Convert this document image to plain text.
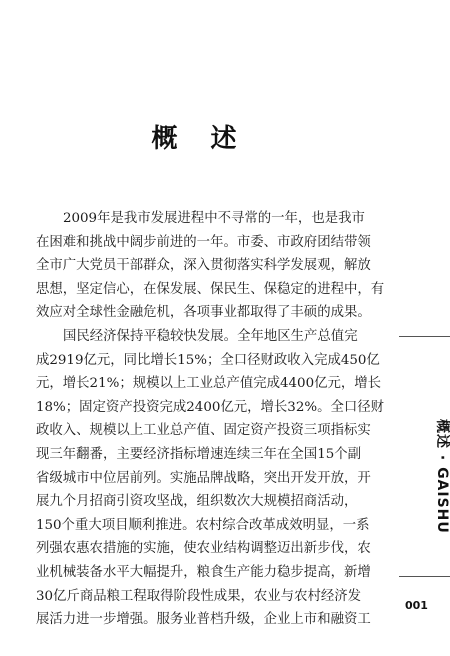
概 述
2009年是我市发展进程中不寻常的一年，也是我市
在困难和挑战中阔步前进的一年。市委、市政府团结带领
全市广大党员干部群众，深入贯彻落实科学发展观，解放
思想，坚定信心，在保发展、保民生、保稳定的进程中，有
效应对全球性金融危机，各项事业都取得了丰硕的成果。
国民经济保持平稳较快发展。全年地区生产总值完
成2919亿元，同比增长15%；全口径财政收入完成450亿
元，增长21%；规模以上工业总产值完成4400亿元，增长
18%；固定资产投资完成2400亿元，增长32%。全口径财
政收入、规模以上工业总产值、固定资产投资三项指标实
现三年翻番，主要经济指标增速连续三年在全国15个副
省级城市中位居前列。实施品牌战略，突出开发开放，开
展九个月招商引资攻坚战，组织数次大规模招商活动，
150个重大项目顺利推进。农村综合改革成效明显，一系
列强农惠农措施的实施，使农业结构调整迈出新步伐，农
业机械装备水平大幅提升，粮食生产能力稳步提高，新增
30亿斤商品粮工程取得阶段性成果，农业与农村经济发
展活力进一步增强。服务业普档升级，企业上市和融资工
概述 · GAISHU
001
